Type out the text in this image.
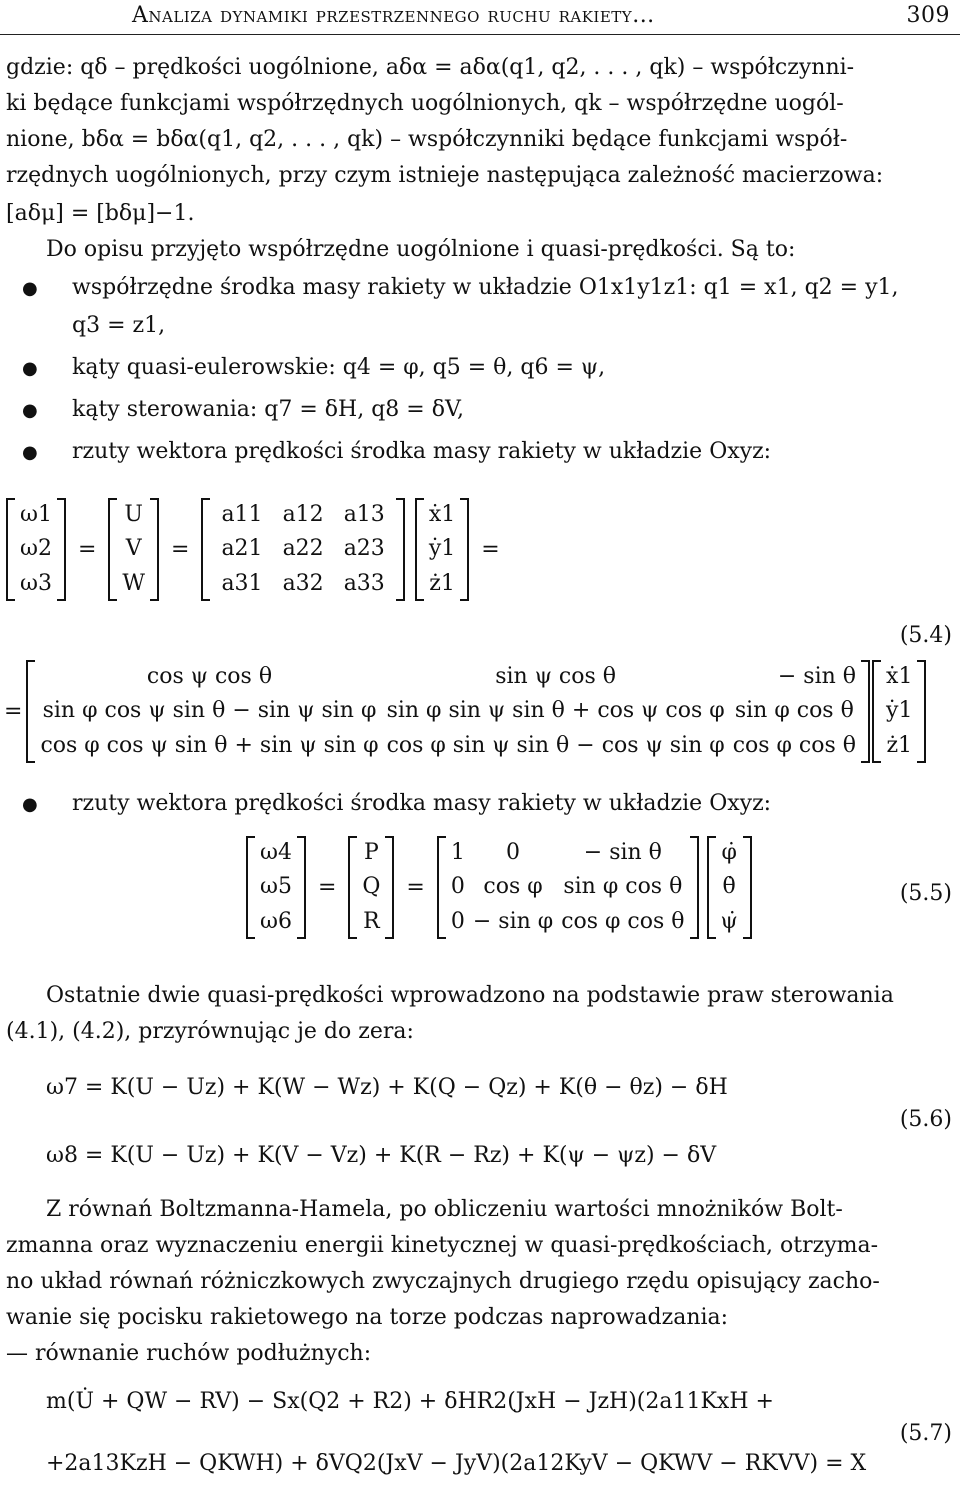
Analiza dynamiki przestrzennego ruchu rakiety...	309
gdzie: qδ – prędkości uogólnione, aδα = aδα(q1, q2, . . . , qk) – współczynni-
ki będące funkcjami współrzędnych uogólnionych, qk – współrzędne uogól-
nione, bδα = bδα(q1, q2, . . . , qk) – współczynniki będące funkcjami współ-
rzędnych uogólnionych, przy czym istnieje następująca zależność macierzowa:
[aδμ] = [bδμ]−1.
Do opisu przyjęto współrzędne uogólnione i quasi-prędkości. Są to:
● współrzędne środka masy rakiety w układzie O1x1y1z1: q1 = x1, q2 = y1,
q3 = z1,
● kąty quasi-eulerowskie: q4 = φ, q5 = θ, q6 = ψ,
● kąty sterowania: q7 = δH, q8 = δV,
● rzuty wektora prędkości środka masy rakiety w układzie Oxyz:
ω1
ω2
ω3
=
U
V
W
=
a11	a12	a13
a21	a22	a23
a31	a32	a33
ẋ1
ẏ1
ż1
=
(5.4)
=
cos ψ cos θ	sin ψ cos θ	− sin θ
sin φ cos ψ sin θ − sin ψ sin φ	sin φ sin ψ sin θ + cos ψ cos φ	sin φ cos θ
cos φ cos ψ sin θ + sin ψ sin φ	cos φ sin ψ sin θ − cos ψ sin φ	cos φ cos θ
ẋ1
ẏ1
ż1
● rzuty wektora prędkości środka masy rakiety w układzie Oxyz:
ω4
ω5
ω6
=
P
Q
R
=
1	0	− sin θ
0	cos φ	sin φ cos θ
0	− sin φ	cos φ cos θ
φ̇
θ̇
ψ̇
(5.5)
Ostatnie dwie quasi-prędkości wprowadzono na podstawie praw sterowania
(4.1), (4.2), przyrównując je do zera:
ω7 = K(U − Uz) + K(W − Wz) + K(Q − Qz) + K(θ − θz) − δH
(5.6)
ω8 = K(U − Uz) + K(V − Vz) + K(R − Rz) + K(ψ − ψz) − δV
Z równań Boltzmanna-Hamela, po obliczeniu wartości mnożników Bolt-
zmanna oraz wyznaczeniu energii kinetycznej w quasi-prędkościach, otrzyma-
no układ równań różniczkowych zwyczajnych drugiego rzędu opisujący zacho-
wanie się pocisku rakietowego na torze podczas naprowadzania:
— równanie ruchów podłużnych:
m(U̇ + QW − RV) − Sx(Q2 + R2) + δHR2(JxH − JzH)(2a11KxH +
(5.7)
+2a13KzH − QKWH) + δVQ2(JxV − JyV)(2a12KyV − QKWV − RKVV) = X
